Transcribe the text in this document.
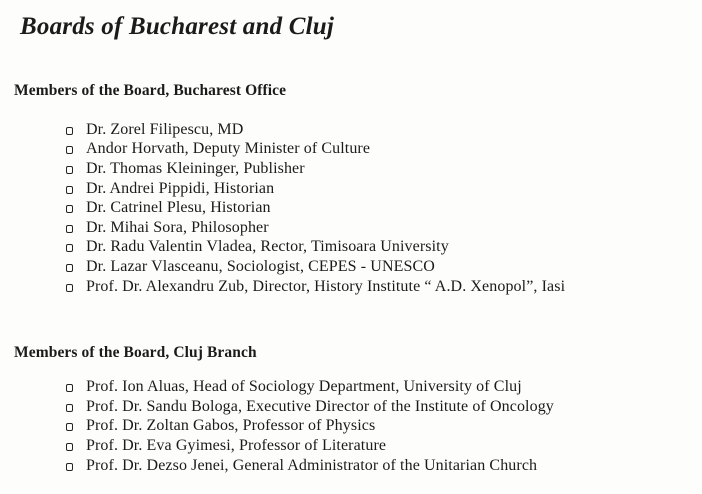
Boards of Bucharest and Cluj
Members of the Board, Bucharest Office
Dr. Zorel Filipescu, MD
Andor Horvath, Deputy Minister of Culture
Dr. Thomas Kleininger, Publisher
Dr. Andrei Pippidi, Historian
Dr. Catrinel Plesu, Historian
Dr. Mihai Sora, Philosopher
Dr. Radu Valentin Vladea, Rector, Timisoara University
Dr. Lazar Vlasceanu, Sociologist, CEPES - UNESCO
Prof. Dr. Alexandru Zub, Director, History Institute “ A.D. Xenopol”, Iasi
Members of the Board, Cluj Branch
Prof. Ion Aluas, Head of Sociology Department, University of Cluj
Prof. Dr. Sandu Bologa, Executive Director of the Institute of Oncology
Prof. Dr. Zoltan Gabos, Professor of Physics
Prof. Dr. Eva Gyimesi, Professor of Literature
Prof. Dr. Dezso Jenei, General Administrator of the Unitarian Church
